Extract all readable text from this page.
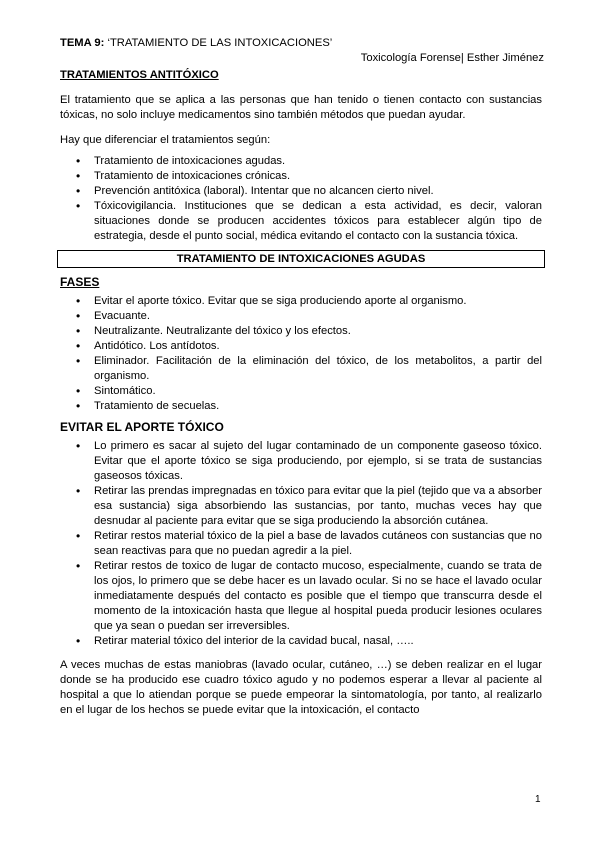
TEMA 9: ‘TRATAMIENTO DE LAS INTOXICACIONES’
Toxicología Forense| Esther Jiménez
TRATAMIENTOS ANTITÓXICO

El tratamiento que se aplica a las personas que han tenido o tienen contacto con sustancias tóxicas, no solo incluye medicamentos sino también métodos que puedan ayudar.

Hay que diferenciar el tratamientos según:

• Tratamiento de intoxicaciones agudas.
• Tratamiento de intoxicaciones crónicas.
• Prevención antitóxica (laboral). Intentar que no alcancen cierto nivel.
• Tóxicovigilancia. Instituciones que se dedican a esta actividad, es decir, valoran situaciones donde se producen accidentes tóxicos para establecer algún tipo de estrategia, desde el punto social, médica evitando el contacto con la sustancia tóxica.
TRATAMIENTO DE INTOXICACIONES AGUDAS
FASES
• Evitar el aporte tóxico. Evitar que se siga produciendo aporte al organismo.
• Evacuante.
• Neutralizante. Neutralizante del tóxico y los efectos.
• Antidótico. Los antídotos.
• Eliminador. Facilitación de la eliminación del tóxico, de los metabolitos, a partir del organismo.
• Sintomático.
• Tratamiento de secuelas.
EVITAR EL APORTE TÓXICO
• Lo primero es sacar al sujeto del lugar contaminado de un componente gaseoso tóxico. Evitar que el aporte tóxico se siga produciendo, por ejemplo, si se trata de sustancias gaseosos tóxicas.
• Retirar las prendas impregnadas en tóxico para evitar que la piel (tejido que va a absorber esa sustancia) siga absorbiendo las sustancias, por tanto, muchas veces hay que desnudar al paciente para evitar que se siga produciendo la absorción cutánea.
• Retirar restos material tóxico de la piel a base de lavados cutáneos con sustancias que no sean reactivas para que no puedan agredir a la piel.
• Retirar restos de toxico de lugar de contacto mucoso, especialmente, cuando se trata de los ojos, lo primero que se debe hacer es un lavado ocular. Si no se hace el lavado ocular inmediatamente después del contacto es posible que el tiempo que transcurra desde el momento de la intoxicación hasta que llegue al hospital pueda producir lesiones oculares que ya sean o puedan ser irreversibles.
• Retirar material tóxico del interior de la cavidad bucal, nasal, …..

A veces muchas de estas maniobras (lavado ocular, cutáneo, …) se deben realizar en el lugar donde se ha producido ese cuadro tóxico agudo y no podemos esperar a llevar al paciente al hospital a que lo atiendan porque se puede empeorar la sintomatología, por tanto, al realizarlo en el lugar de los hechos se puede evitar que la intoxicación, el contacto

1
